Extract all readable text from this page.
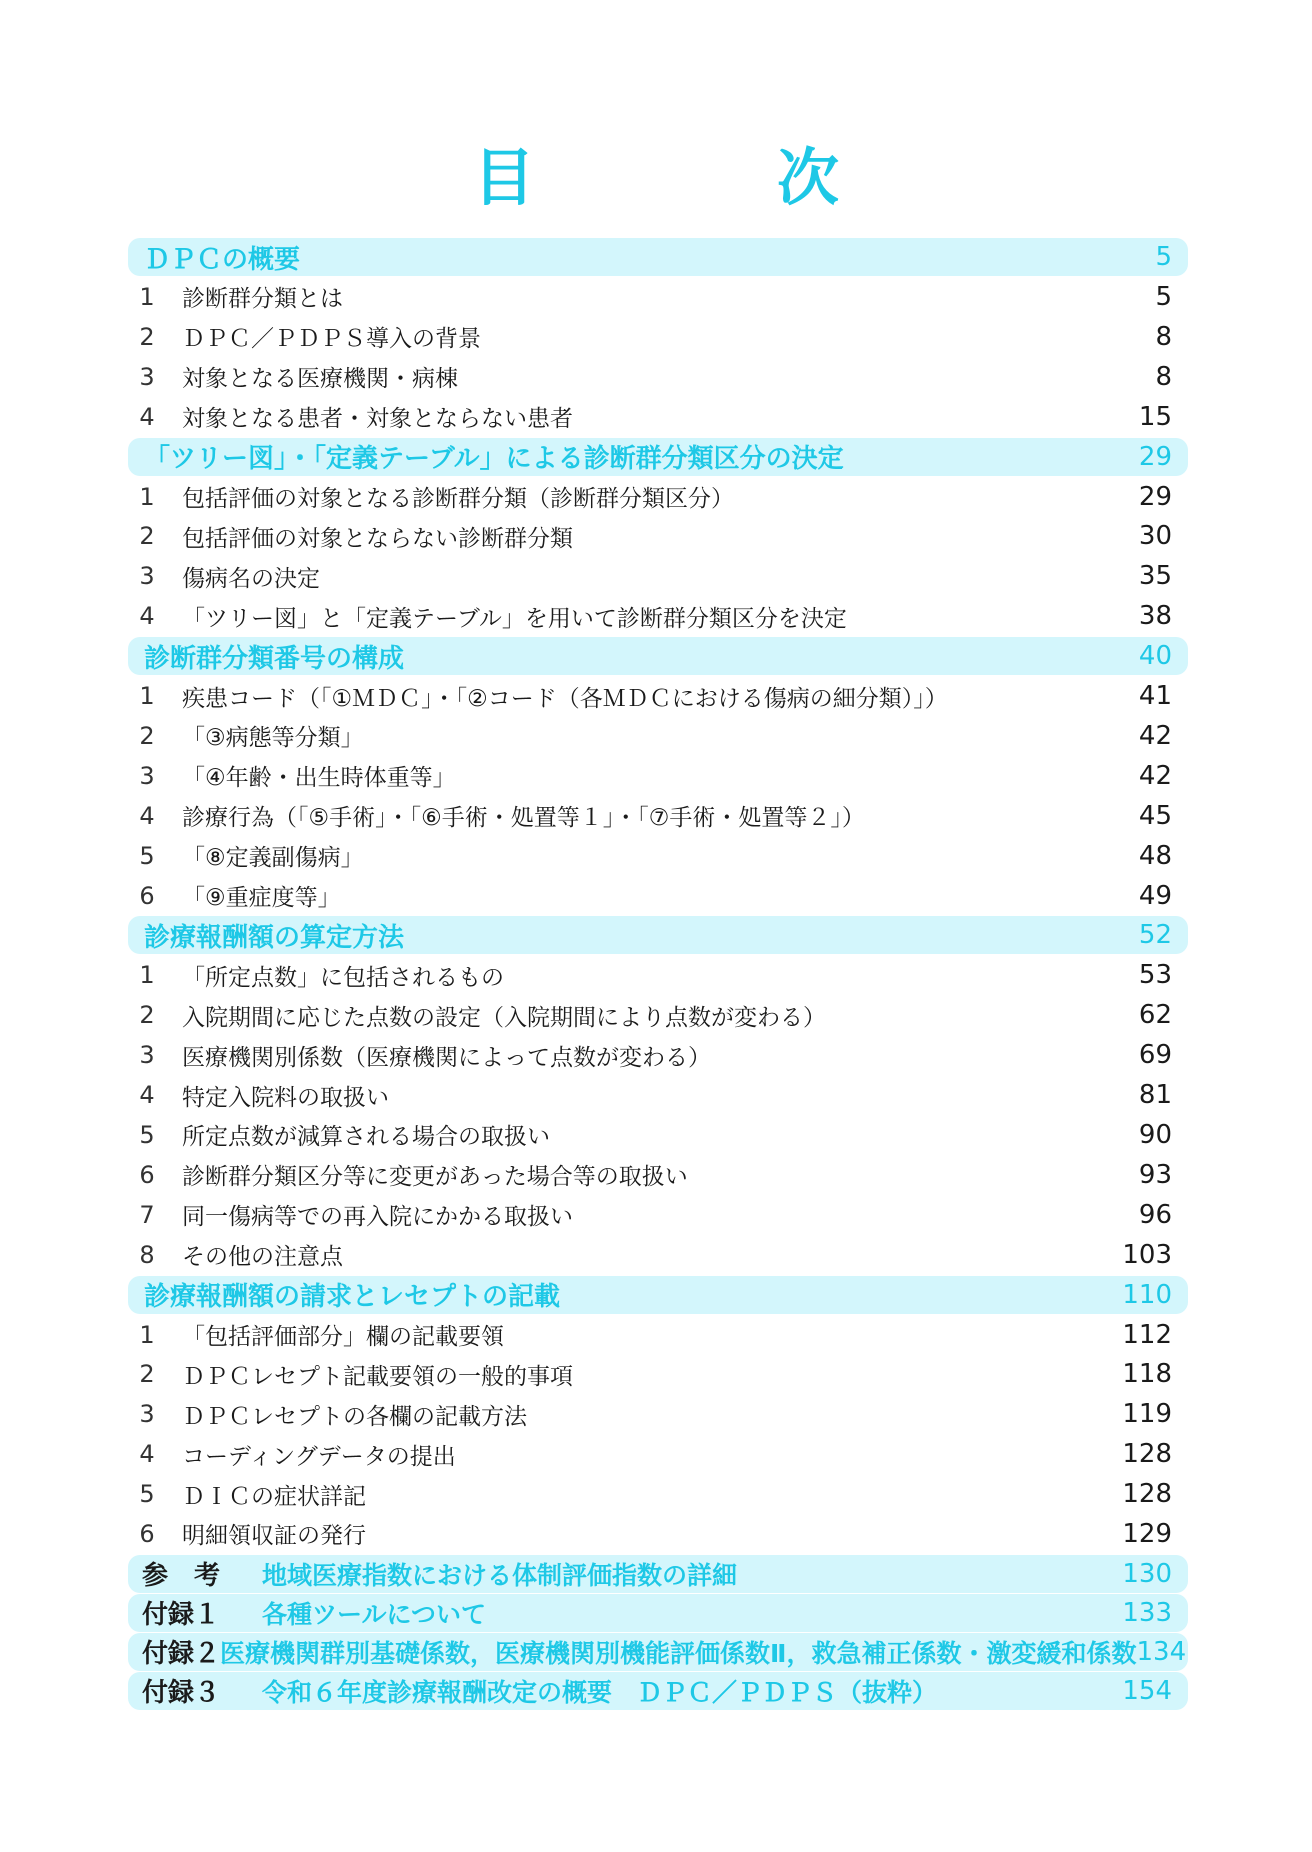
目　次
ＤＰＣの概要	5
1	診断群分類とは	5
2	ＤＰＣ／ＰＤＰＳ導入の背景	8
3	対象となる医療機関・病棟	8
4	対象となる患者・対象とならない患者	15
「ツリー図」・「定義テーブル」による診断群分類区分の決定	29
1	包括評価の対象となる診断群分類（診断群分類区分）	29
2	包括評価の対象とならない診断群分類	30
3	傷病名の決定	35
4	「ツリー図」と「定義テーブル」を用いて診断群分類区分を決定	38
診断群分類番号の構成	40
1	疾患コード（「①ＭＤＣ」・「②コード（各ＭＤＣにおける傷病の細分類）」）	41
2	「③病態等分類」	42
3	「④年齢・出生時体重等」	42
4	診療行為（「⑤手術」・「⑥手術・処置等１」・「⑦手術・処置等２」）	45
5	「⑧定義副傷病」	48
6	「⑨重症度等」	49
診療報酬額の算定方法	52
1	「所定点数」に包括されるもの	53
2	入院期間に応じた点数の設定（入院期間により点数が変わる）	62
3	医療機関別係数（医療機関によって点数が変わる）	69
4	特定入院料の取扱い	81
5	所定点数が減算される場合の取扱い	90
6	診断群分類区分等に変更があった場合等の取扱い	93
7	同一傷病等での再入院にかかる取扱い	96
8	その他の注意点	103
診療報酬額の請求とレセプトの記載	110
1	「包括評価部分」欄の記載要領	112
2	ＤＰＣレセプト記載要領の一般的事項	118
3	ＤＰＣレセプトの各欄の記載方法	119
4	コーディングデータの提出	128
5	ＤＩＣの症状詳記	128
6	明細領収証の発行	129
参　考	地域医療指数における体制評価指数の詳細	130
付録１	各種ツールについて	133
付録２ 医療機関群別基礎係数，医療機関別機能評価係数Ⅱ，救急補正係数・激変緩和係数 134
付録３	令和６年度診療報酬改定の概要　ＤＰＣ／ＰＤＰＳ（抜粋）	154
